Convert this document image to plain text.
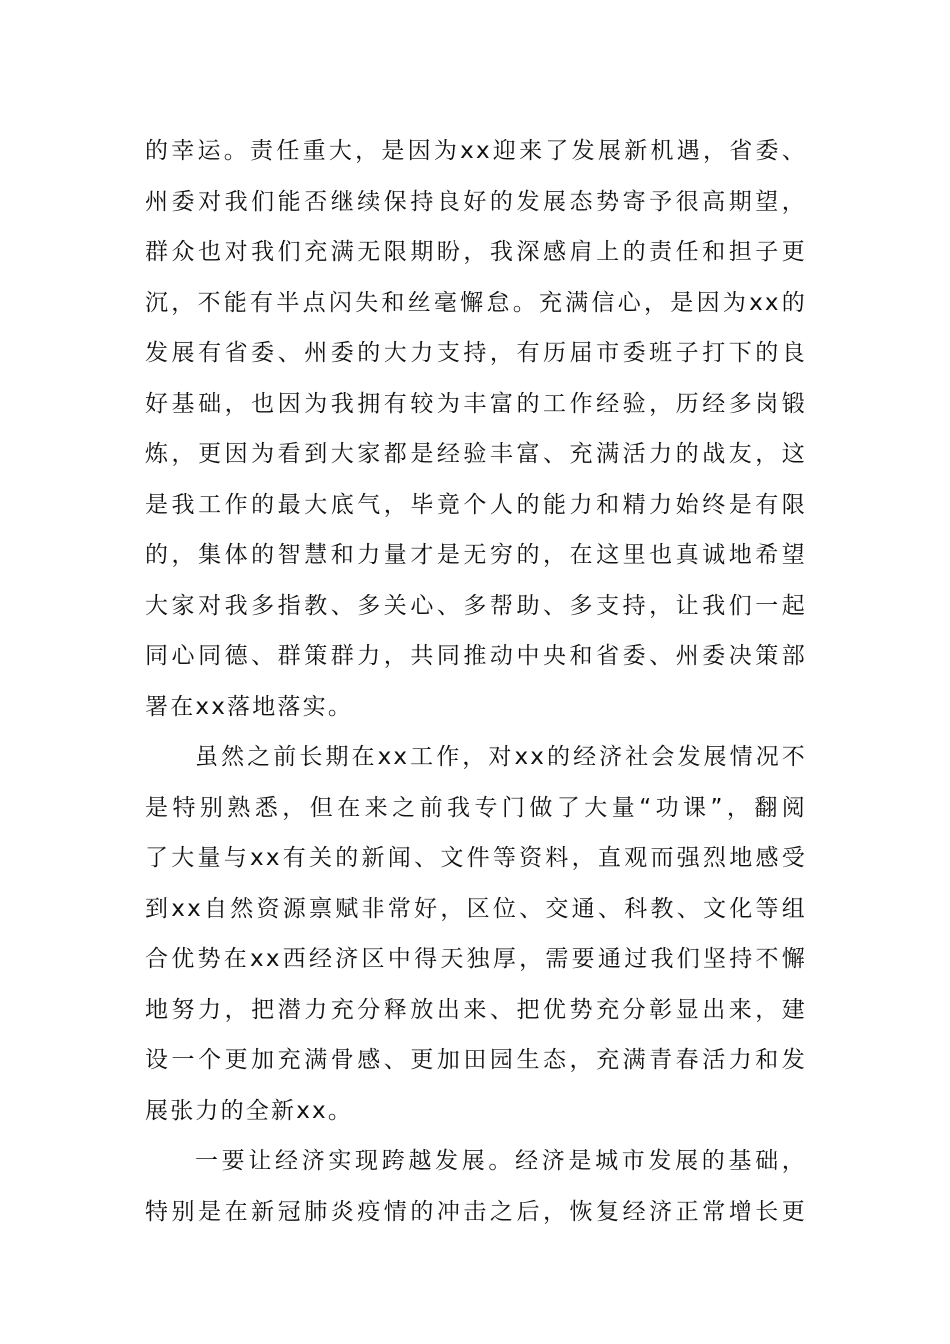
的幸运。责任重大，是因为xx迎来了发展新机遇，省委、
州委对我们能否继续保持良好的发展态势寄予很高期望，
群众也对我们充满无限期盼，我深感肩上的责任和担子更
沉，不能有半点闪失和丝毫懈怠。充满信心，是因为xx的
发展有省委、州委的大力支持，有历届市委班子打下的良
好基础，也因为我拥有较为丰富的工作经验，历经多岗锻
炼，更因为看到大家都是经验丰富、充满活力的战友，这
是我工作的最大底气，毕竟个人的能力和精力始终是有限
的，集体的智慧和力量才是无穷的，在这里也真诚地希望
大家对我多指教、多关心、多帮助、多支持，让我们一起
同心同德、群策群力，共同推动中央和省委、州委决策部
署在xx落地落实。
虽然之前长期在xx工作，对xx的经济社会发展情况不
是特别熟悉，但在来之前我专门做了大量“功课”，翻阅
了大量与xx有关的新闻、文件等资料，直观而强烈地感受
到xx自然资源禀赋非常好，区位、交通、科教、文化等组
合优势在xx西经济区中得天独厚，需要通过我们坚持不懈
地努力，把潜力充分释放出来、把优势充分彰显出来，建
设一个更加充满骨感、更加田园生态，充满青春活力和发
展张力的全新xx。
一要让经济实现跨越发展。经济是城市发展的基础，
特别是在新冠肺炎疫情的冲击之后，恢复经济正常增长更
